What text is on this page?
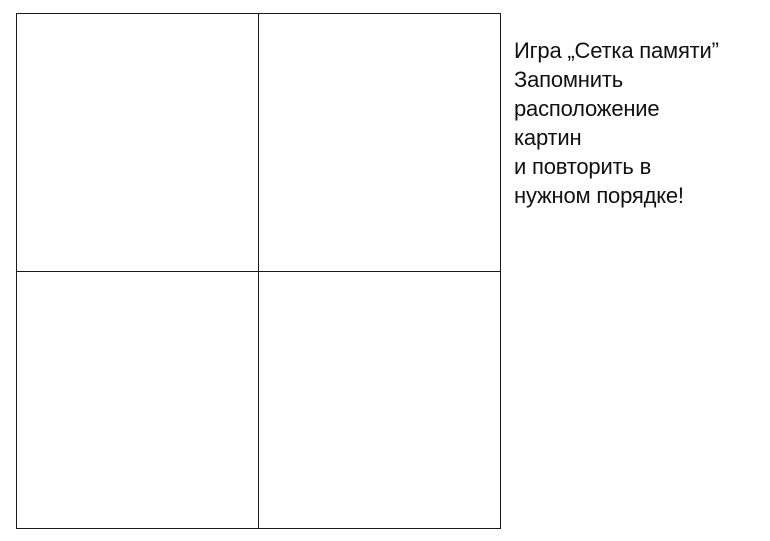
Игра „Сетка памяти”
Запомнить
расположение
картин
и повторить в
нужном порядке!
